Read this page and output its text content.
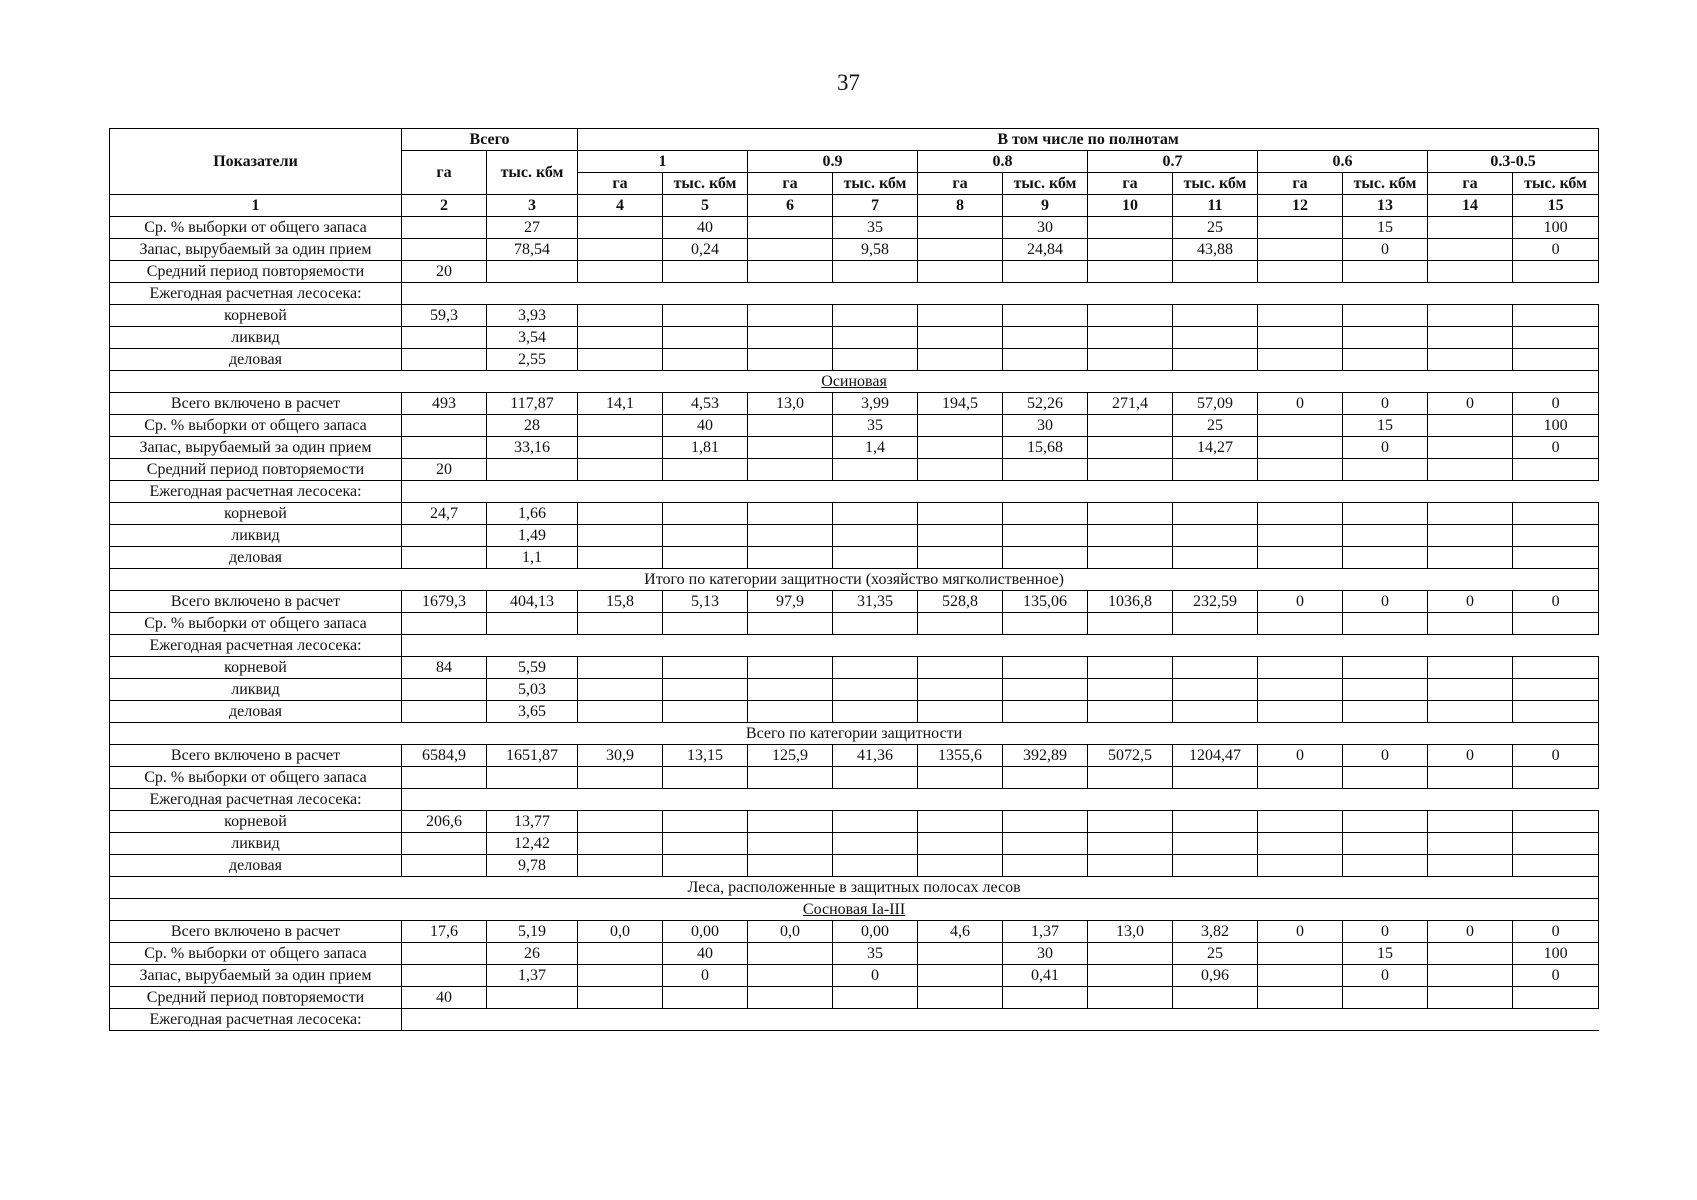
37
Показатели	Всего		В том числе по полнотам											
	га	тыс. кбм	1		0.9		0.8		0.7		0.6		0.3-0.5	
			га	тыс. кбм	га	тыс. кбм	га	тыс. кбм	га	тыс. кбм	га	тыс. кбм	га	тыс. кбм
1	2	3	4	5	6	7	8	9	10	11	12	13	14	15
Ср. % выборки от общего запаса		27		40		35		30		25		15		100
Запас, вырубаемый за один прием		78,54		0,24		9,58		24,84		43,88		0		0
Средний период повторяемости	20													
Ежегодная расчетная лесосека:														
корневой	59,3	3,93												
ликвид		3,54												
деловая		2,55												
Осиновая														
Всего включено в расчет	493	117,87	14,1	4,53	13,0	3,99	194,5	52,26	271,4	57,09	0	0	0	0
Ср. % выборки от общего запаса		28		40		35		30		25		15		100
Запас, вырубаемый за один прием		33,16		1,81		1,4		15,68		14,27		0		0
Средний период повторяемости	20													
Ежегодная расчетная лесосека:														
корневой	24,7	1,66												
ликвид		1,49												
деловая		1,1												
Итого по категории защитности (хозяйство мягколиственное)														
Всего включено в расчет	1679,3	404,13	15,8	5,13	97,9	31,35	528,8	135,06	1036,8	232,59	0	0	0	0
Ср. % выборки от общего запаса														
Ежегодная расчетная лесосека:														
корневой	84	5,59												
ликвид		5,03												
деловая		3,65												
Всего по категории защитности														
Всего включено в расчет	6584,9	1651,87	30,9	13,15	125,9	41,36	1355,6	392,89	5072,5	1204,47	0	0	0	0
Ср. % выборки от общего запаса														
Ежегодная расчетная лесосека:														
корневой	206,6	13,77												
ликвид		12,42												
деловая		9,78												
Леса, расположенные в защитных полосах лесов														
Сосновая Ia-III														
Всего включено в расчет	17,6	5,19	0,0	0,00	0,0	0,00	4,6	1,37	13,0	3,82	0	0	0	0
Ср. % выборки от общего запаса		26		40		35		30		25		15		100
Запас, вырубаемый за один прием		1,37		0		0		0,41		0,96		0		0
Средний период повторяемости	40													
Ежегодная расчетная лесосека:														
